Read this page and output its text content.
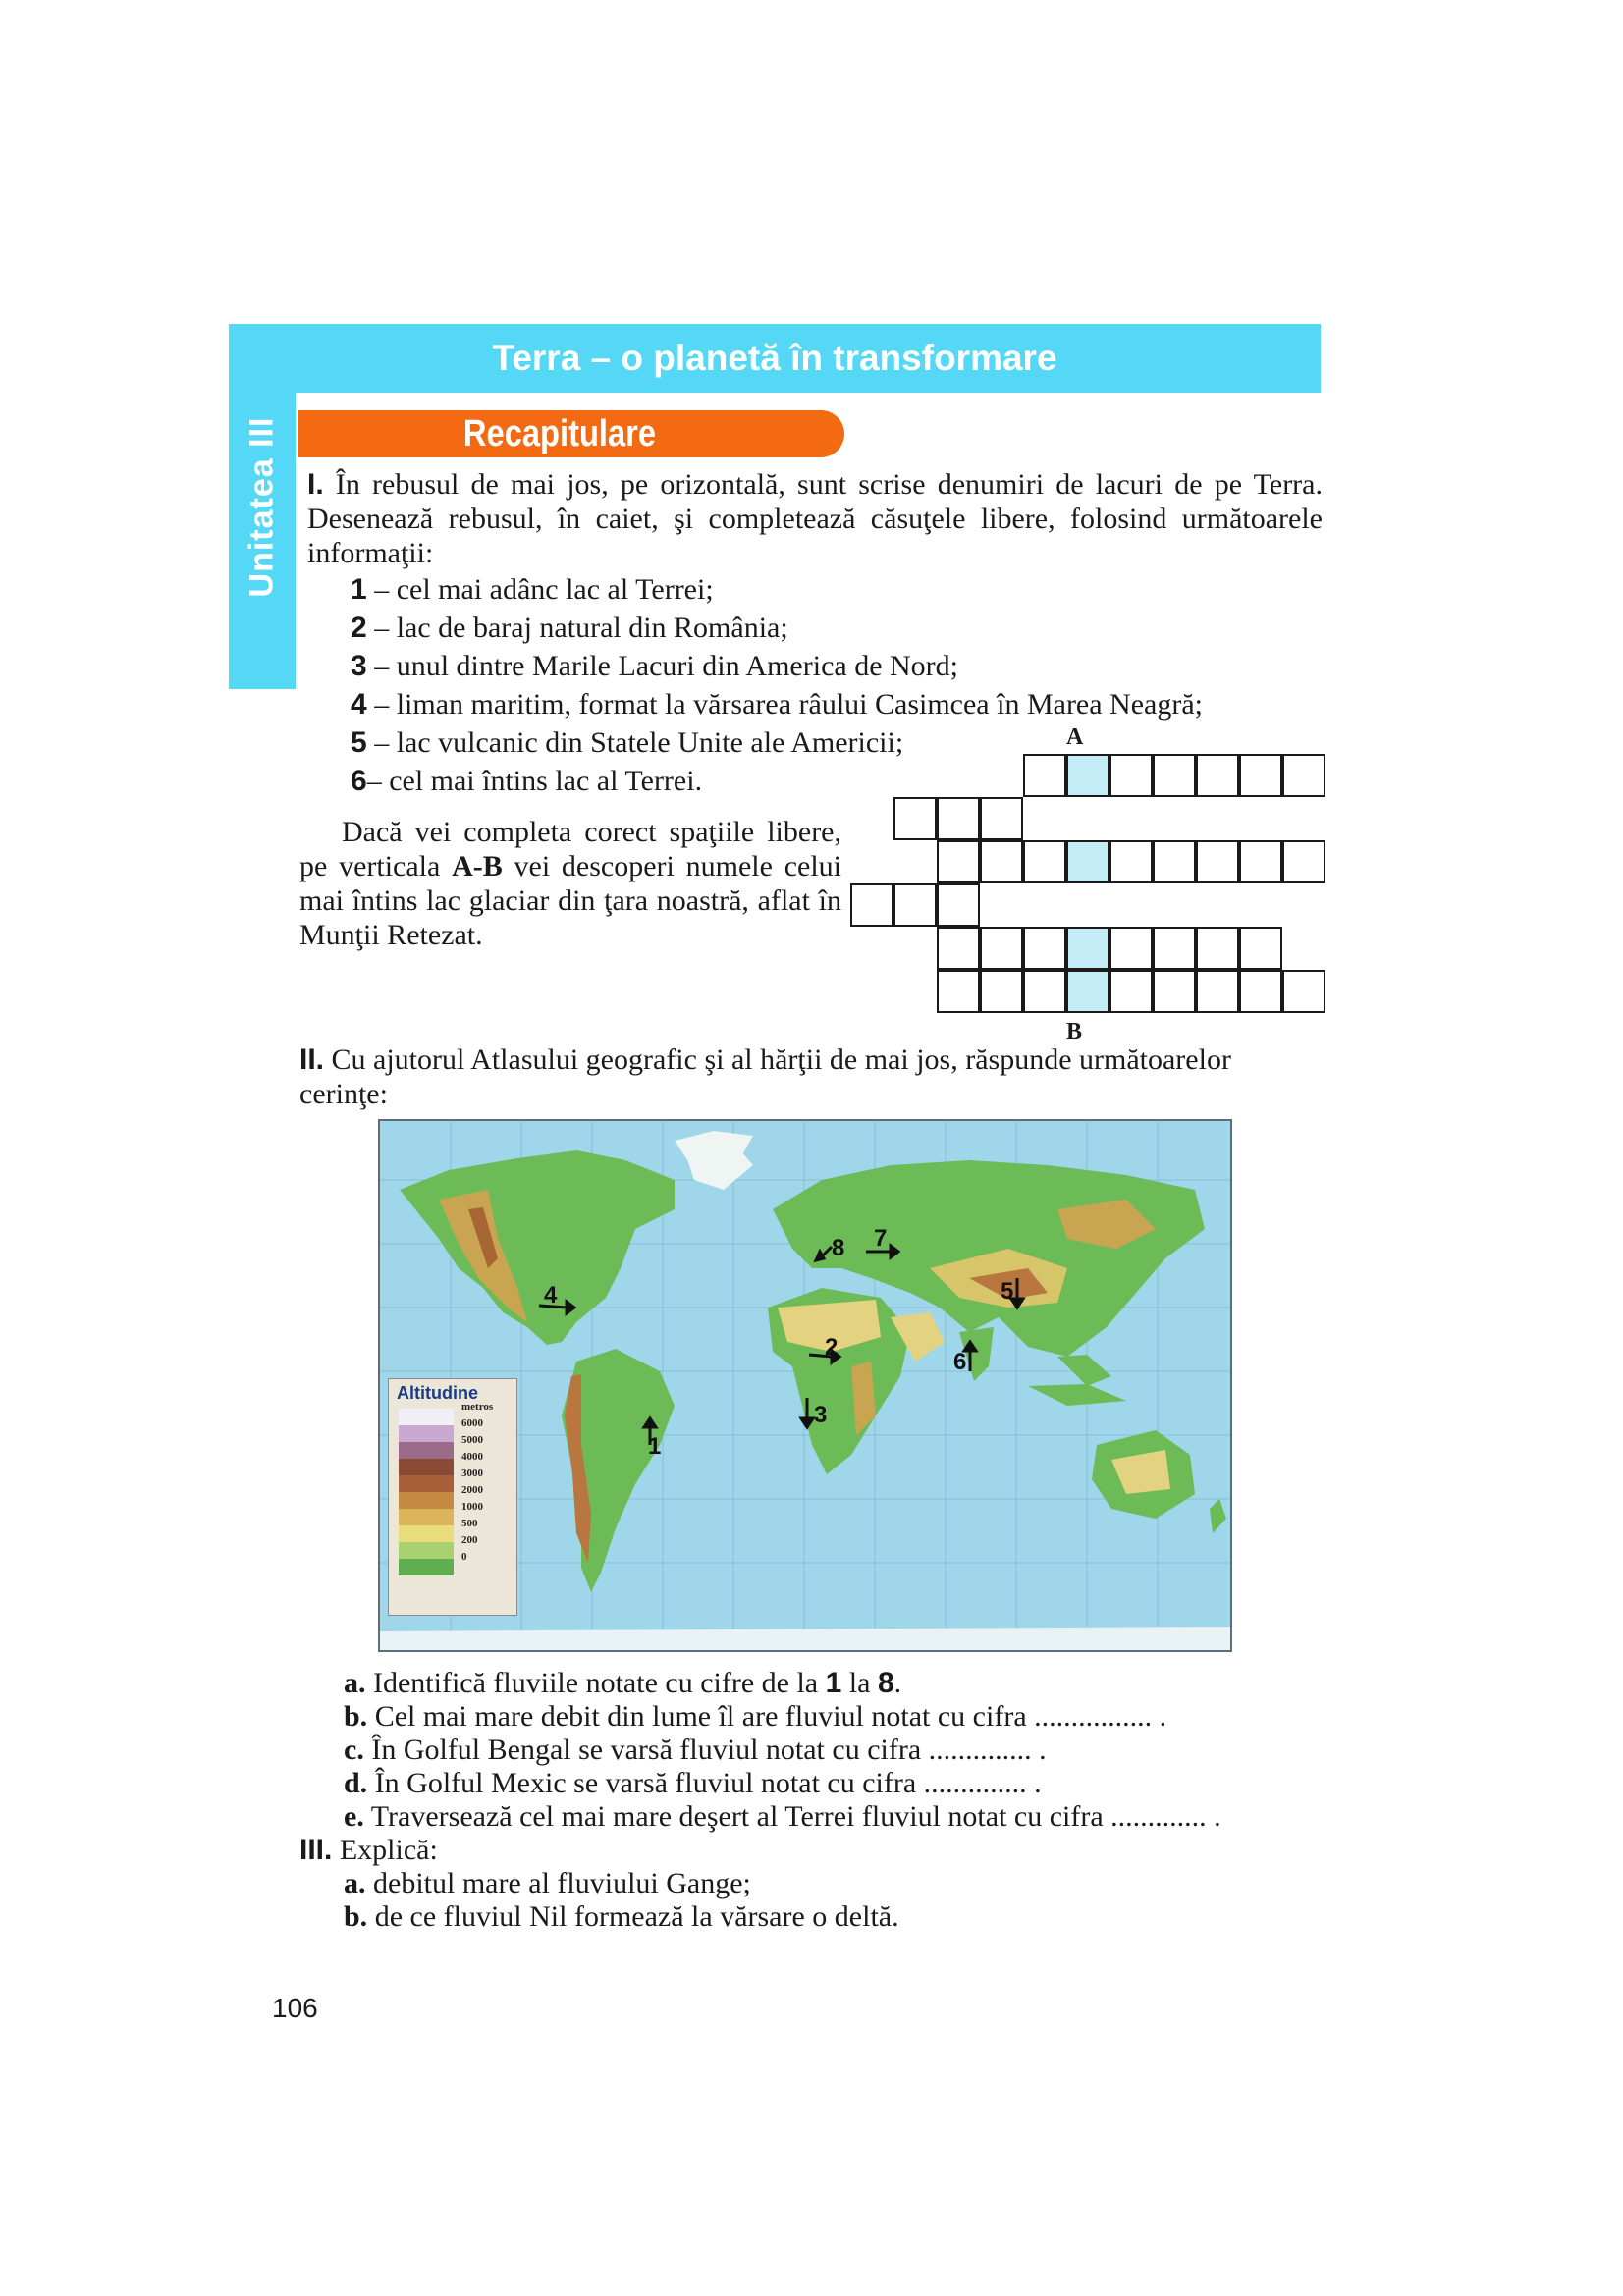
Unitatea III
Terra – o planetă în transformare
Recapitulare
I. În rebusul de mai jos, pe orizontală, sunt scrise denumiri de lacuri de pe Terra. Desenează rebusul, în caiet, şi completează căsuţele libere, folosind următoarele informaţii:
1 – cel mai adânc lac al Terrei;
2 – lac de baraj natural din România;
3 – unul dintre Marile Lacuri din America de Nord;
4 – liman maritim, format la vărsarea râului Casimcea în Marea Neagră;
5 – lac vulcanic din Statele Unite ale Americii;
6– cel mai întins lac al Terrei.
Dacă vei completa corect spaţiile libere, pe verticala A-B vei descoperi numele celui mai întins lac glaciar din ţara noastră, aflat în Munţii Retezat.
A
B
II. Cu ajutorul Atlasului geografic şi al hărţii de mai jos, răspunde următoarelor cerinţe:
1
2
3
4	5
6
7
8
Altitudine
metros
6000
5000
4000
3000
2000
1000
500
200
0
a. Identifică fluviile notate cu cifre de la 1 la 8.
b. Cel mai mare debit din lume îl are fluviul notat cu cifra ................ .
c. În Golful Bengal se varsă fluviul notat cu cifra .............. .
d. În Golful Mexic se varsă fluviul notat cu cifra .............. .
e. Traversează cel mai mare deşert al Terrei fluviul notat cu cifra ............. .
III. Explică:
a. debitul mare al fluviului Gange;
b. de ce fluviul Nil formează la vărsare o deltă.
106
